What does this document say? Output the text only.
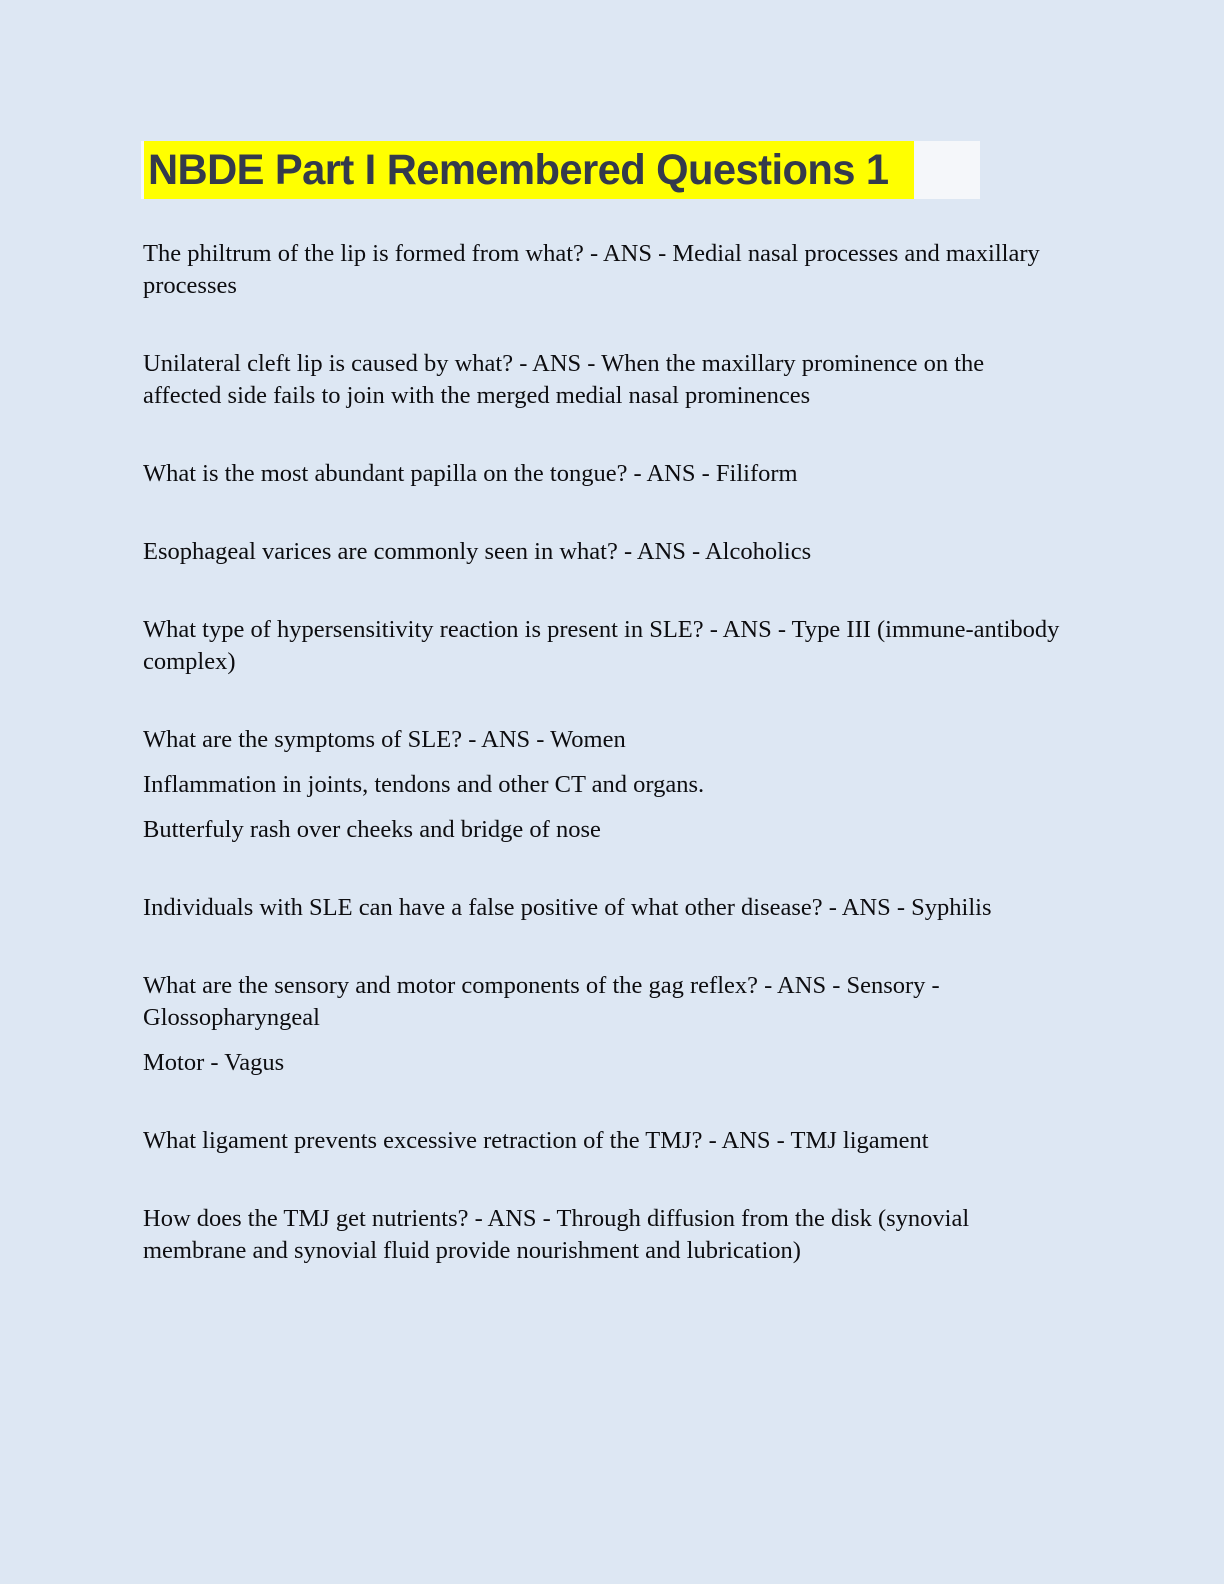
NBDE Part I Remembered Questions 1

The philtrum of the lip is formed from what? - ANS - Medial nasal processes and maxillary processes

Unilateral cleft lip is caused by what? - ANS - When the maxillary prominence on the affected side fails to join with the merged medial nasal prominences

What is the most abundant papilla on the tongue? - ANS - Filiform

Esophageal varices are commonly seen in what? - ANS - Alcoholics

What type of hypersensitivity reaction is present in SLE? - ANS - Type III (immune-antibody complex)

What are the symptoms of SLE? - ANS - Women

Inflammation in joints, tendons and other CT and organs.

Butterfuly rash over cheeks and bridge of nose

Individuals with SLE can have a false positive of what other disease? - ANS - Syphilis

What are the sensory and motor components of the gag reflex? - ANS - Sensory - Glossopharyngeal

Motor - Vagus

What ligament prevents excessive retraction of the TMJ? - ANS - TMJ ligament

How does the TMJ get nutrients? - ANS - Through diffusion from the disk (synovial membrane and synovial fluid provide nourishment and lubrication)
